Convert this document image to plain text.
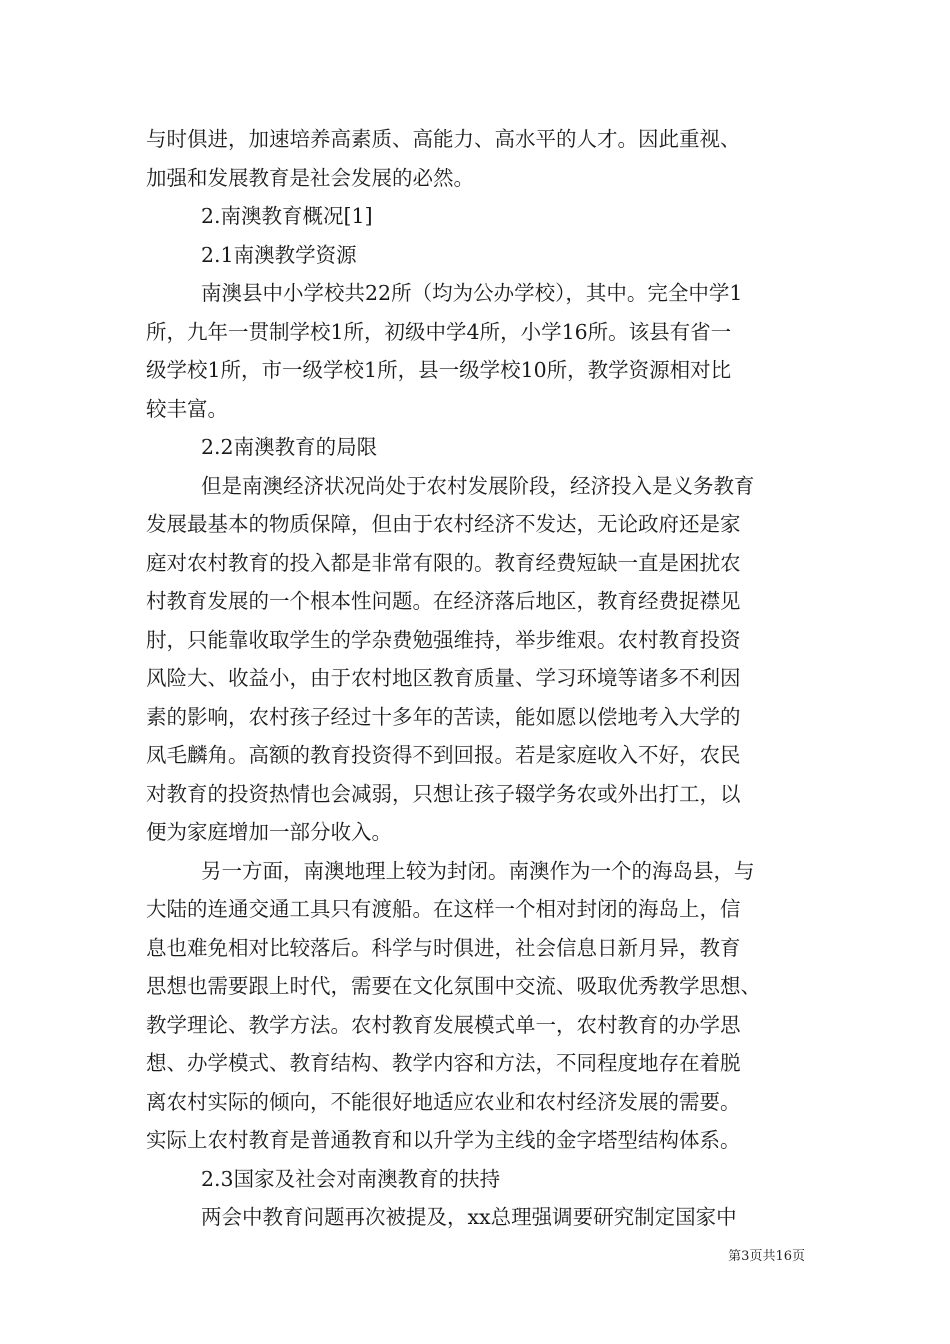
与时俱进，加速培养高素质、高能力、高水平的人才。因此重视、
加强和发展教育是社会发展的必然。
2.南澳教育概况[1]
2.1南澳教学资源
南澳县中小学校共22所（均为公办学校），其中。完全中学1
所，九年一贯制学校1所，初级中学4所，小学16所。该县有省一
级学校1所，市一级学校1所，县一级学校10所，教学资源相对比
较丰富。
2.2南澳教育的局限
但是南澳经济状况尚处于农村发展阶段，经济投入是义务教育
发展最基本的物质保障，但由于农村经济不发达，无论政府还是家
庭对农村教育的投入都是非常有限的。教育经费短缺一直是困扰农
村教育发展的一个根本性问题。在经济落后地区，教育经费捉襟见
肘，只能靠收取学生的学杂费勉强维持，举步维艰。农村教育投资
风险大、收益小，由于农村地区教育质量、学习环境等诸多不利因
素的影响，农村孩子经过十多年的苦读，能如愿以偿地考入大学的
凤毛麟角。高额的教育投资得不到回报。若是家庭收入不好，农民
对教育的投资热情也会减弱，只想让孩子辍学务农或外出打工，以
便为家庭增加一部分收入。
另一方面，南澳地理上较为封闭。南澳作为一个的海岛县，与
大陆的连通交通工具只有渡船。在这样一个相对封闭的海岛上，信
息也难免相对比较落后。科学与时俱进，社会信息日新月异，教育
思想也需要跟上时代，需要在文化氛围中交流、吸取优秀教学思想、
教学理论、教学方法。农村教育发展模式单一，农村教育的办学思
想、办学模式、教育结构、教学内容和方法，不同程度地存在着脱
离农村实际的倾向，不能很好地适应农业和农村经济发展的需要。
实际上农村教育是普通教育和以升学为主线的金字塔型结构体系。
2.3国家及社会对南澳教育的扶持
两会中教育问题再次被提及，xx总理强调要研究制定国家中
第3页共16页
